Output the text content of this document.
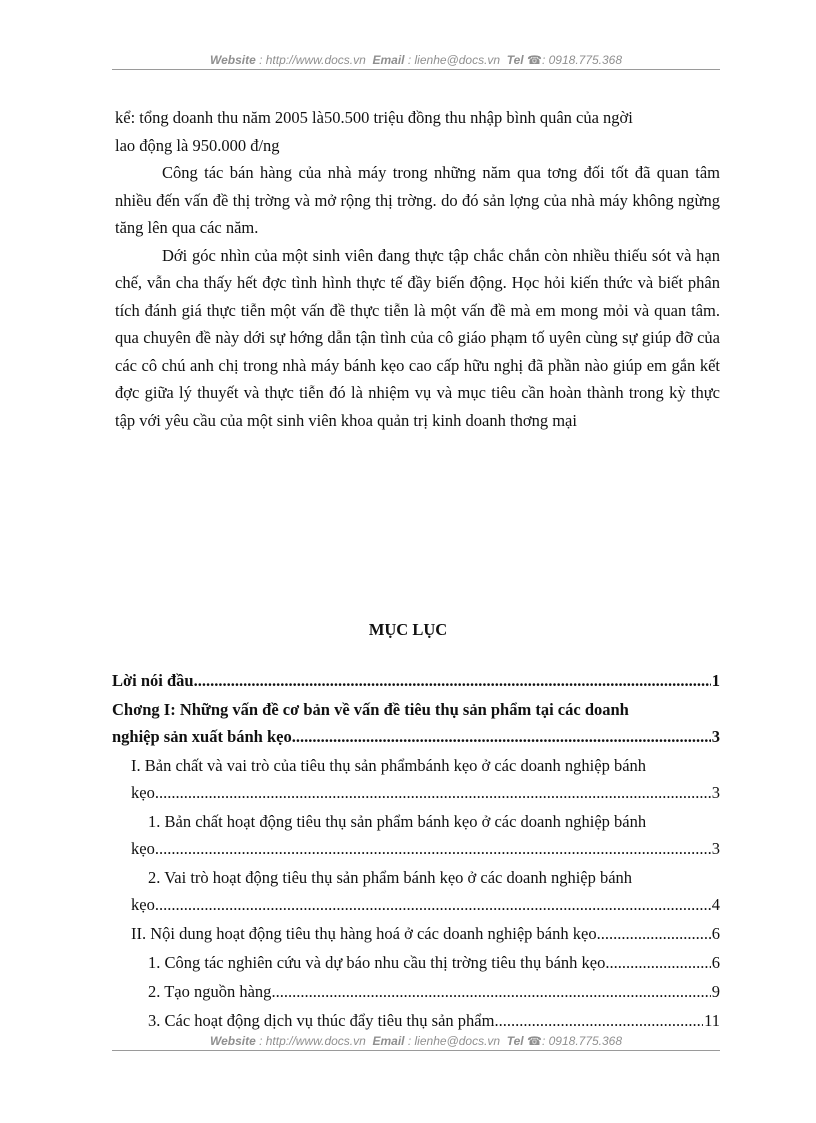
Website : http://www.docs.vn Email : lienhe@docs.vn Tel ☎: 0918.775.368

kể: tổng doanh thu năm 2005 là50.500 triệu đồng thu nhập bình quân của ngời

lao động là 950.000 đ/ng

Công tác bán hàng của nhà máy trong những năm qua tơng đối tốt đã quan tâm nhiều đến vấn đề thị trờng và mở rộng thị trờng. do đó sản lợng của nhà máy không ngừng tăng lên qua các năm.

Dới góc nhìn của một sinh viên đang thực tập chắc chắn còn nhiều thiếu sót và hạn chế, vẫn cha thấy hết đợc tình hình thực tế đầy biến động. Học hỏi kiến thức và biết phân tích đánh giá thực tiễn một vấn đề thực tiễn là một vấn đề mà em mong mỏi và quan tâm. qua chuyên đề này dới sự hớng dẫn tận tình của cô giáo phạm tố uyên cùng sự giúp đỡ của các cô chú anh chị trong nhà máy bánh kẹo cao cấp hữu nghị đã phần nào giúp em gắn kết đợc giữa lý thuyết và thực tiễn đó là nhiệm vụ và mục tiêu cần hoàn thành trong kỳ thực tập với yêu cầu của một sinh viên khoa quản trị kinh doanh thơng mại

MỤC LỤC
Lời nói đầu .....	1
Chơng I: Những vấn đề cơ bản về vấn đề tiêu thụ sản phẩm tại các doanh
nghiệp sản xuất bánh kẹo. .....	3
I. Bản chất và vai trò của tiêu thụ sản phẩmbánh kẹo ở các doanh nghiệp bánh
kẹo. .....	3
1. Bản chất hoạt động tiêu thụ sản phẩm bánh kẹo ở các doanh nghiệp bánh
kẹo. .....	3
2. Vai trò hoạt động tiêu thụ sản phẩm bánh kẹo ở các doanh nghiệp bánh
kẹo. .....	4
II. Nội dung hoạt động tiêu thụ hàng hoá ở các doanh nghiệp bánh kẹo. .....	6
1. Công tác nghiên cứu và dự báo nhu cầu thị trờng tiêu thụ bánh kẹo. .....	6
2. Tạo nguồn hàng .....	9
3. Các hoạt động dịch vụ thúc đẩy tiêu thụ sản phẩm .....	11
Website : http://www.docs.vn Email : lienhe@docs.vn Tel ☎: 0918.775.368
